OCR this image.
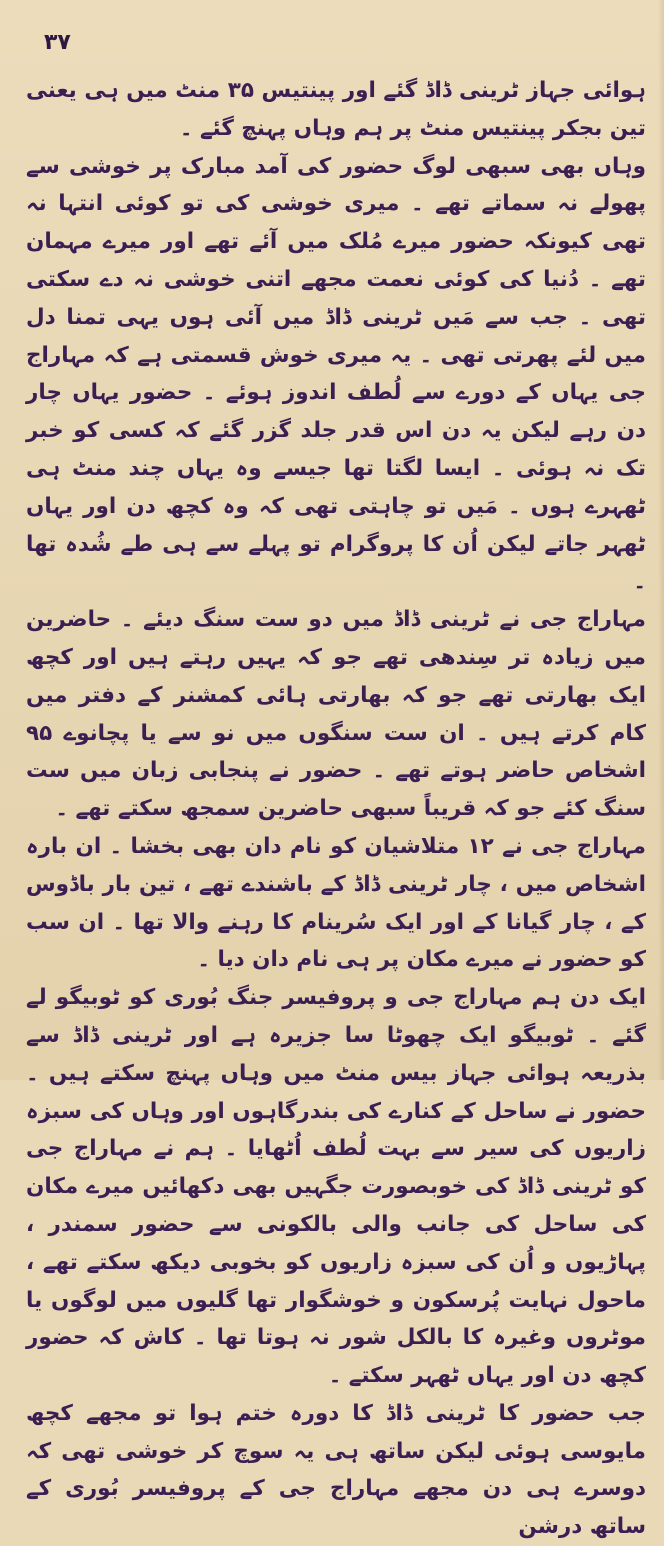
۳۷

ہوائی جہاز ٹرینی ڈاڈ گئے اور پینتیس ۳۵ منٹ میں ہی یعنی تین بجکر پینتیس منٹ پر ہم وہاں پہنچ گئے ۔

وہاں بھی سبھی لوگ حضور کی آمد مبارک پر خوشی سے پھولے نہ سماتے تھے ۔ میری خوشی کی تو کوئی انتہا نہ تھی کیونکہ حضور میرے مُلک میں آئے تھے اور میرے مہمان تھے ۔ دُنیا کی کوئی نعمت مجھے اتنی خوشی نہ دے سکتی تھی ۔ جب سے مَیں ٹرینی ڈاڈ میں آئی ہوں یہی تمنا دل میں لئے پھرتی تھی ۔ یہ میری خوش قسمتی ہے کہ مہاراج جی یہاں کے دورے سے لُطف اندوز ہوئے ۔ حضور یہاں چار دن رہے لیکن یہ دن اس قدر جلد گزر گئے کہ کسی کو خبر تک نہ ہوئی ۔ ایسا لگتا تھا جیسے وہ یہاں چند منٹ ہی ٹھہرے ہوں ۔ مَیں تو چاہتی تھی کہ وہ کچھ دن اور یہاں ٹھہر جاتے لیکن اُن کا پروگرام تو پہلے سے ہی طے شُدہ تھا ۔

مہاراج جی نے ٹرینی ڈاڈ میں دو ست سنگ دیئے ۔ حاضرین میں زیادہ تر سِندھی تھے جو کہ یہیں رہتے ہیں اور کچھ ایک بھارتی تھے جو کہ بھارتی ہائی کمشنر کے دفتر میں کام کرتے ہیں ۔ ان ست سنگوں میں نو سے یا پچانوے ۹۵ اشخاص حاضر ہوتے تھے ۔ حضور نے پنجابی زبان میں ست سنگ کئے جو کہ قریباً سبھی حاضرین سمجھ سکتے تھے ۔

مہاراج جی نے ۱۲ متلاشیان کو نام دان بھی بخشا ۔ ان بارہ اشخاص میں ، چار ٹرینی ڈاڈ کے باشندے تھے ، تین بار باڈوس کے ، چار گیانا کے اور ایک سُرینام کا رہنے والا تھا ۔ ان سب کو حضور نے میرے مکان پر ہی نام دان دیا ۔

ایک دن ہم مہاراج جی و پروفیسر جنگ بُوری کو ٹوبیگو لے گئے ۔ ٹوبیگو ایک چھوٹا سا جزیرہ ہے اور ٹرینی ڈاڈ سے بذریعہ ہوائی جہاز بیس منٹ میں وہاں پہنچ سکتے ہیں ۔ حضور نے ساحل کے کنارے کی بندرگاہوں اور وہاں کی سبزہ زاریوں کی سیر سے بہت لُطف اُٹھایا ۔ ہم نے مہاراج جی کو ٹرینی ڈاڈ کی خوبصورت جگہیں بھی دکھائیں میرے مکان کی ساحل کی جانب والی بالکونی سے حضور سمندر ، پہاڑیوں و اُن کی سبزہ زاریوں کو بخوبی دیکھ سکتے تھے ، ماحول نہایت پُرسکون و خوشگوار تھا گلیوں میں لوگوں یا موٹروں وغیرہ کا بالکل شور نہ ہوتا تھا ۔ کاش کہ حضور کچھ دن اور یہاں ٹھہر سکتے ۔

جب حضور کا ٹرینی ڈاڈ کا دورہ ختم ہوا تو مجھے کچھ مایوسی ہوئی لیکن ساتھ ہی یہ سوچ کر خوشی تھی کہ دوسرے ہی دن مجھے مہاراج جی کے پروفیسر بُوری کے ساتھ درشن
